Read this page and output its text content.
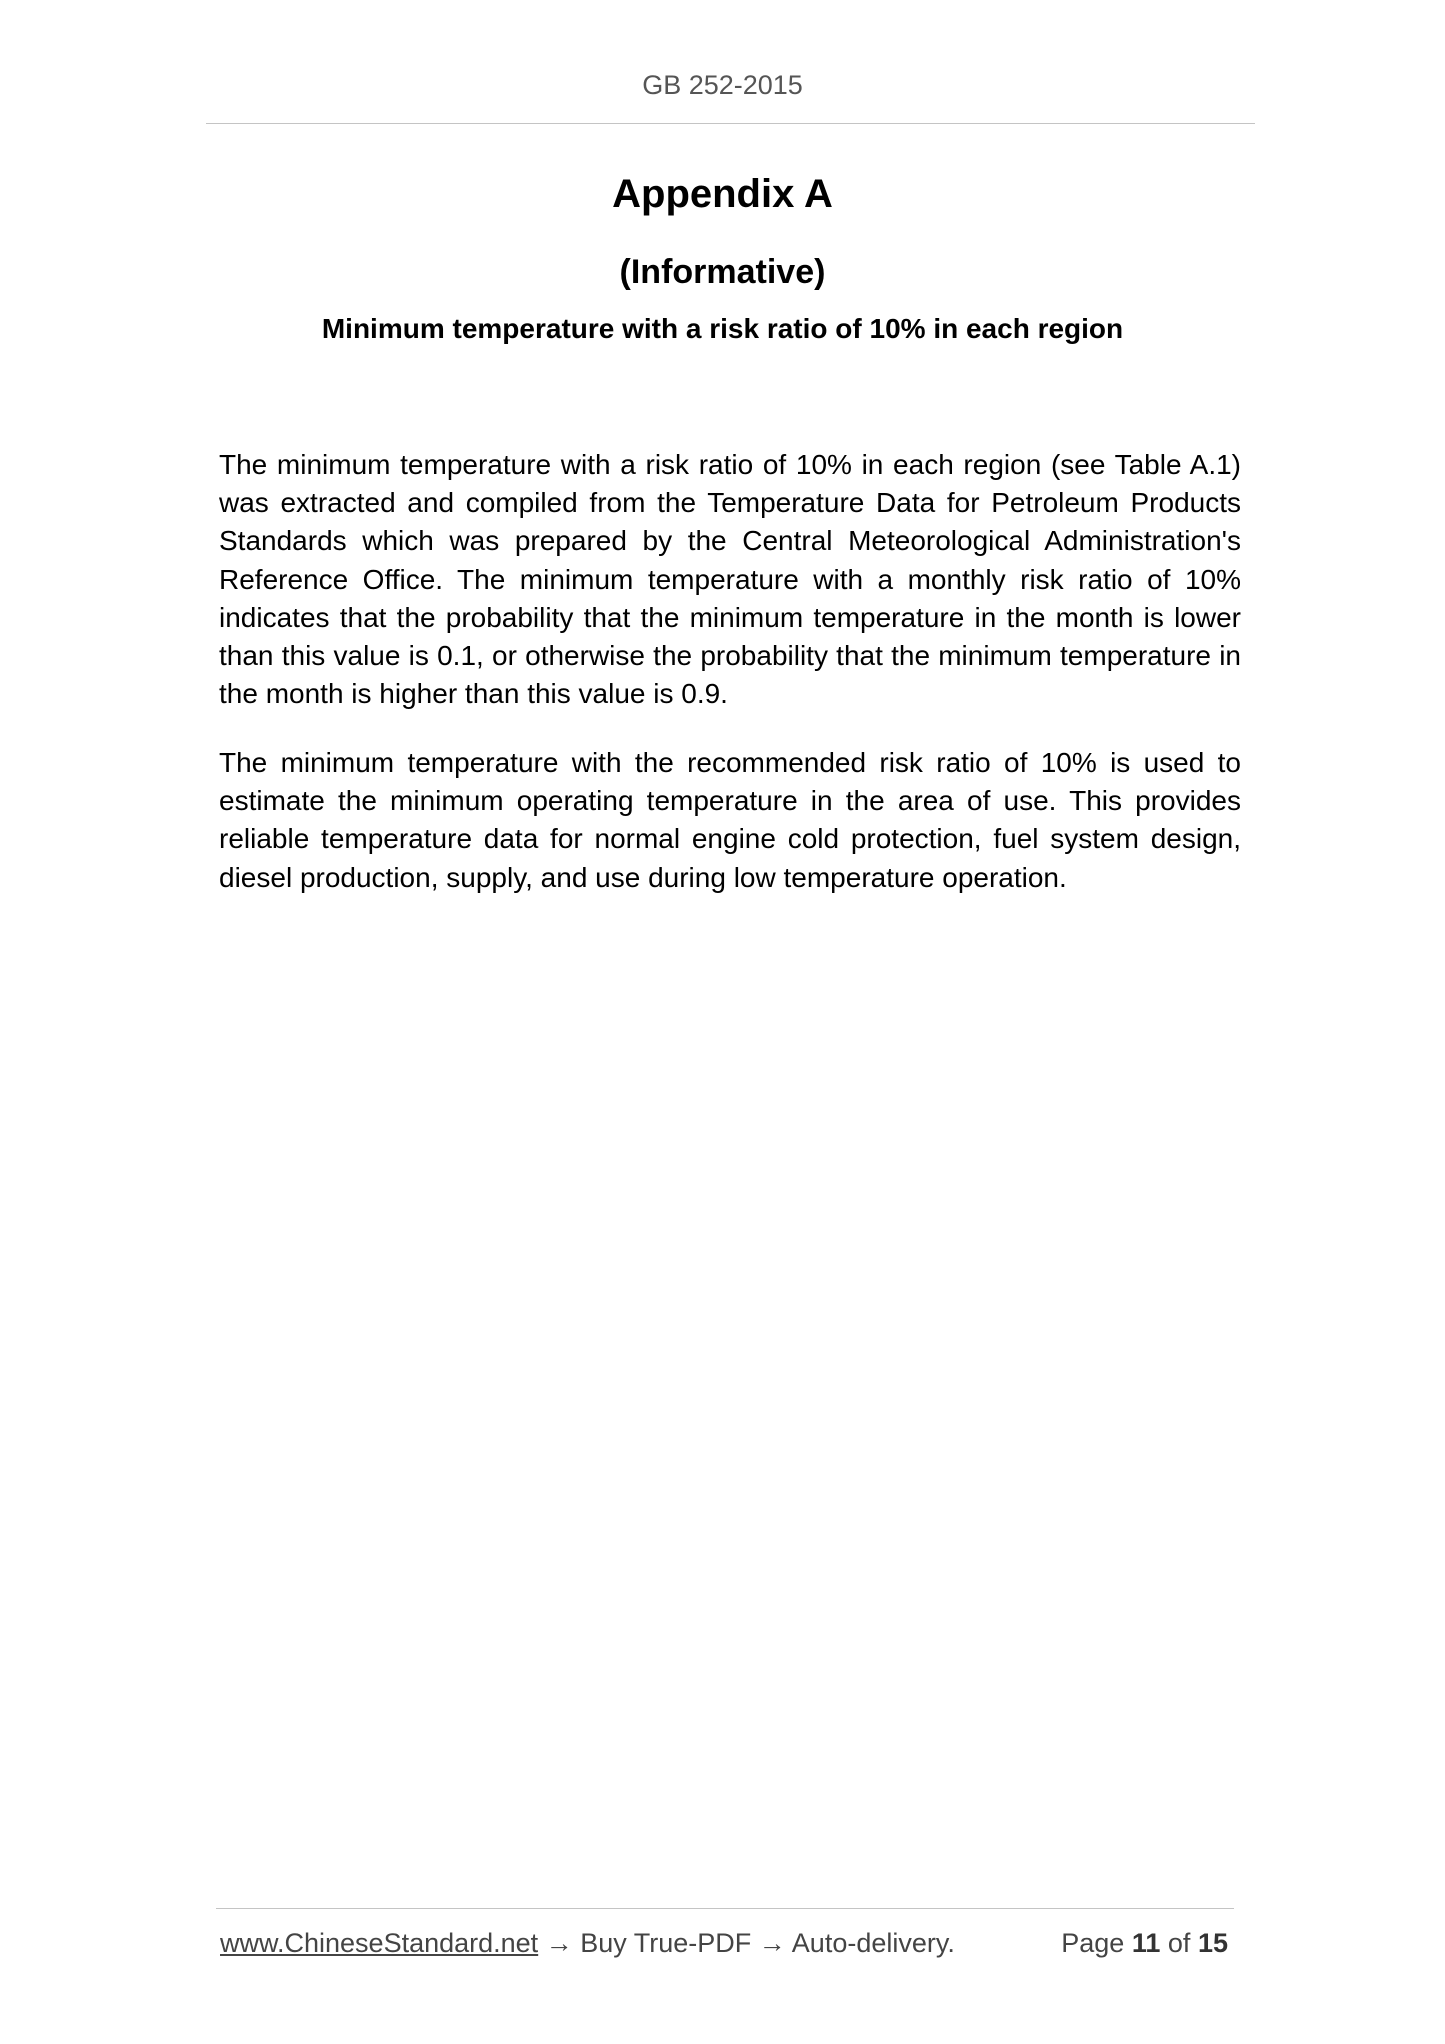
GB 252-2015
Appendix A
(Informative)
Minimum temperature with a risk ratio of 10% in each region

The minimum temperature with a risk ratio of 10% in each region (see Table A.1) was extracted and compiled from the Temperature Data for Petroleum Products Standards which was prepared by the Central Meteorological Administration's Reference Office. The minimum temperature with a monthly risk ratio of 10% indicates that the probability that the minimum temperature in the month is lower than this value is 0.1, or otherwise the probability that the minimum temperature in the month is higher than this value is 0.9.

The minimum temperature with the recommended risk ratio of 10% is used to estimate the minimum operating temperature in the area of use. This provides reliable temperature data for normal engine cold protection, fuel system design, diesel production, supply, and use during low temperature operation.

www.ChineseStandard.net → Buy True-PDF → Auto-delivery.	Page 11 of 15
